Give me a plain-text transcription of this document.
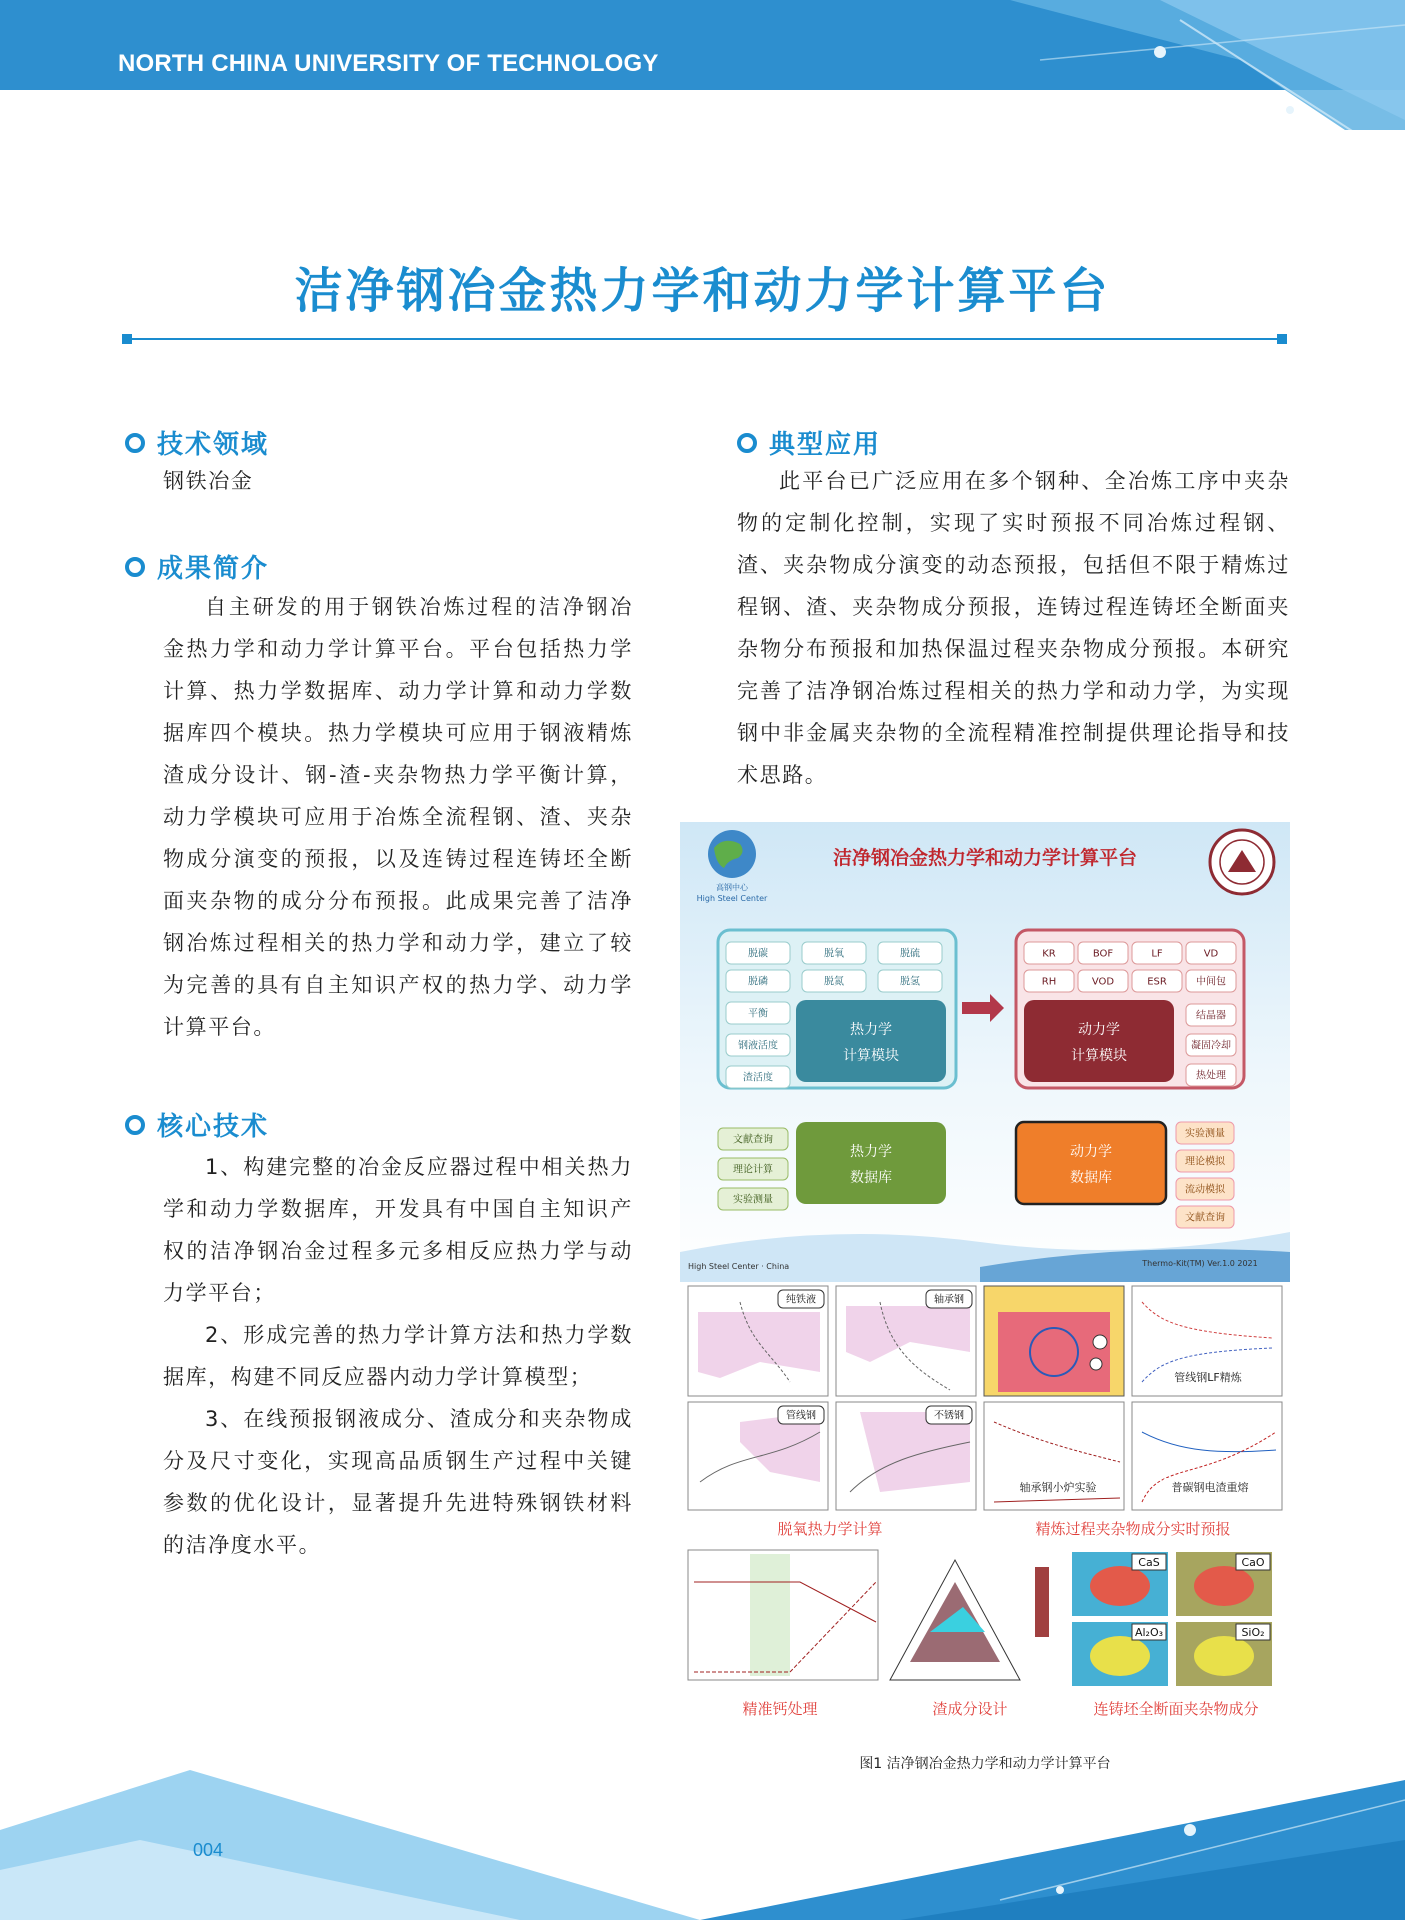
NORTH CHINA UNIVERSITY OF TECHNOLOGY
洁净钢冶金热力学和动力学计算平台
技术领域
钢铁冶金
成果简介

自主研发的用于钢铁冶炼过程的洁净钢冶金热力学和动力学计算平台。平台包括热力学计算、热力学数据库、动力学计算和动力学数据库四个模块。热力学模块可应用于钢液精炼渣成分设计、钢-渣-夹杂物热力学平衡计算，动力学模块可应用于冶炼全流程钢、渣、夹杂物成分演变的预报，以及连铸过程连铸坯全断面夹杂物的成分分布预报。此成果完善了洁净钢冶炼过程相关的热力学和动力学，建立了较为完善的具有自主知识产权的热力学、动力学计算平台。

核心技术

1、构建完整的冶金反应器过程中相关热力学和动力学数据库，开发具有中国自主知识产权的洁净钢冶金过程多元多相反应热力学与动力学平台；

2、形成完善的热力学计算方法和热力学数据库，构建不同反应器内动力学计算模型；

3、在线预报钢液成分、渣成分和夹杂物成分及尺寸变化，实现高品质钢生产过程中关键参数的优化设计，显著提升先进特殊钢铁材料的洁净度水平。

典型应用

此平台已广泛应用在多个钢种、全冶炼工序中夹杂物的定制化控制，实现了实时预报不同冶炼过程钢、渣、夹杂物成分演变的动态预报，包括但不限于精炼过程钢、渣、夹杂物成分预报，连铸过程连铸坯全断面夹杂物分布预报和加热保温过程夹杂物成分预报。本研究完善了洁净钢冶炼过程相关的热力学和动力学，为实现钢中非金属夹杂物的全流程精准控制提供理论指导和技术思路。

高钢中心
High Steel Center
洁净钢冶金热力学和动力学计算平台
脱碳	脱氧	脱硫
脱磷	脱氮	脱氢
平衡
钢液活度
渣活度
热力学
计算模块
KR	BOF	LF	VD
RH	VOD	ESR	中间包
结晶器
凝固冷却
热处理
动力学
计算模块
文献查询
理论计算
实验测量
热力学
数据库
动力学
数据库
实验测量
理论模拟
流动模拟
文献查询
High Steel Center · China	Thermo-Kit(TM) Ver.1.0 2021
纯铁液	轴承钢
管线钢	不锈钢
管线钢LF精炼
轴承钢小炉实验	普碳钢电渣重熔
脱氧热力学计算	精炼过程夹杂物成分实时预报
CaS	CaO
Al₂O₃	SiO₂
精准钙处理	渣成分设计	连铸坯全断面夹杂物成分
图1 洁净钢冶金热力学和动力学计算平台
004
